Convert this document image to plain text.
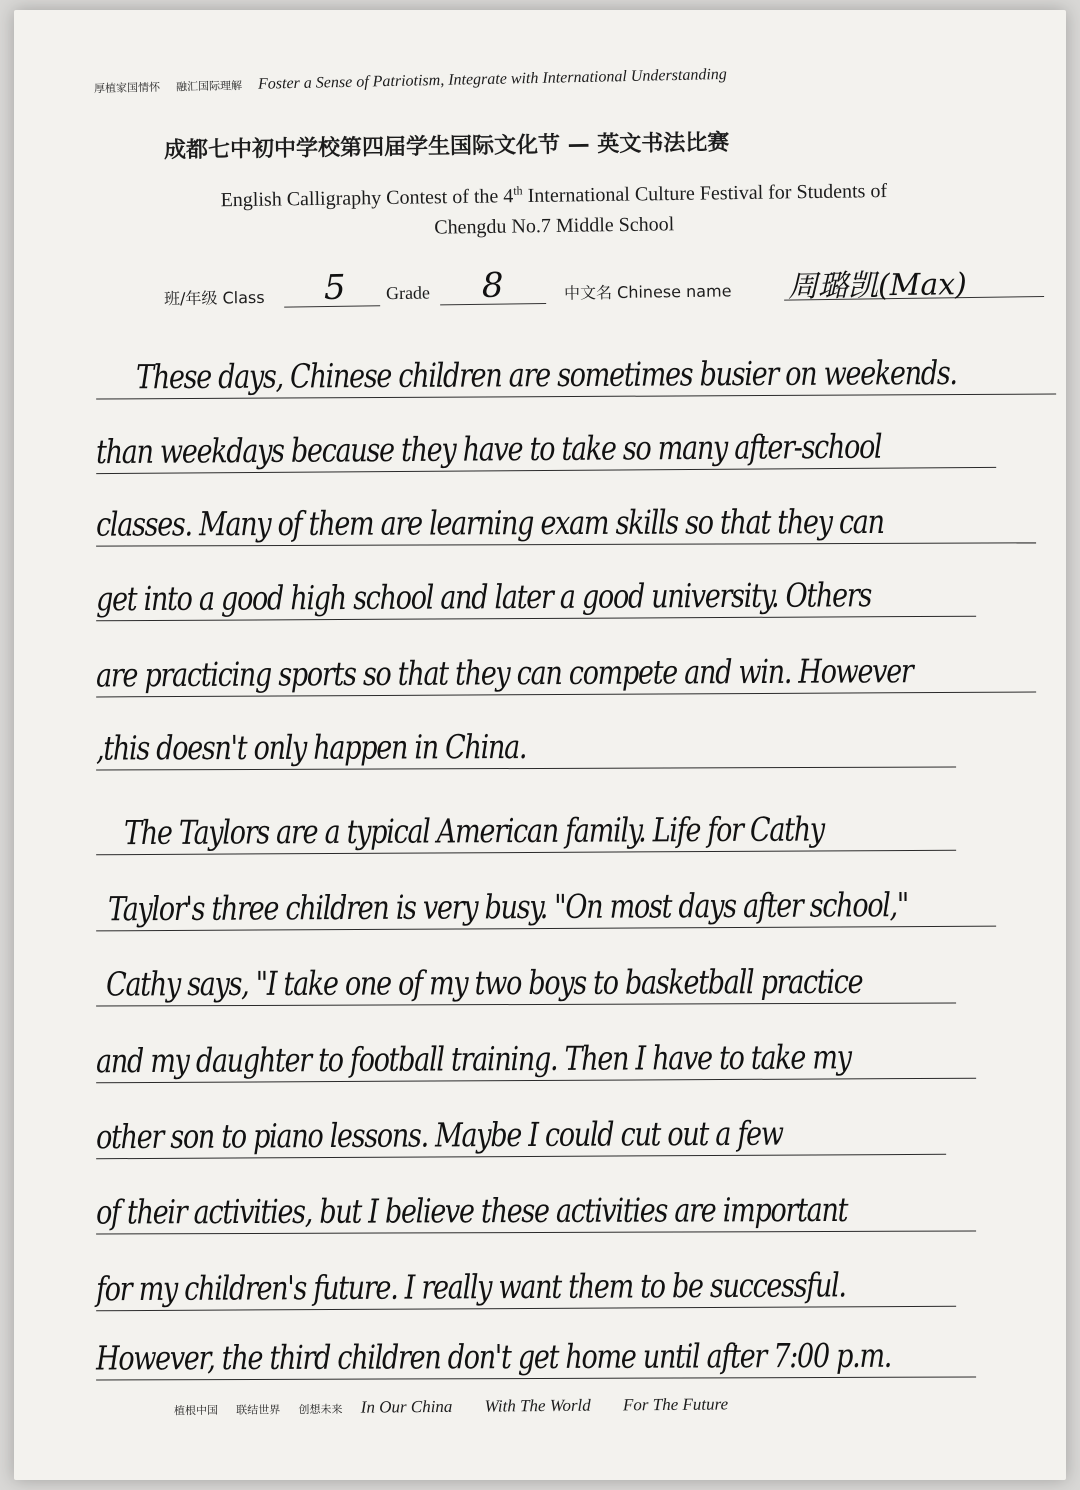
厚植家国情怀 融汇国际理解 Foster a Sense of Patriotism, Integrate with International Understanding
成都七中初中学校第四届学生国际文化节 — 英文书法比赛
English Calligraphy Contest of the 4th International Culture Festival for Students of
Chengdu No.7 Middle School
班/年级 Class 5 Grade 8	中文名 Chinese name 周璐凯(Max)
These days, Chinese children are sometimes busier on weekends.
than weekdays because they have to take so many after-school
classes. Many of them are learning exam skills so that they can
get into a good high school and later a good university. Others
are practicing sports so that they can compete and win. However
,this doesn't only happen in China.
The Taylors are a typical American family. Life for Cathy
Taylor's three children is very busy. "On most days after school,"
Cathy says, "I take one of my two boys to basketball practice
and my daughter to football training. Then I have to take my
other son to piano lessons. Maybe I could cut out a few
of their activities, but I believe these activities are important
for my children's future. I really want them to be successful.
However, the third children don't get home until after 7:00 p.m.
植根中国 联结世界 创想未来 In Our China With The World For The Future
